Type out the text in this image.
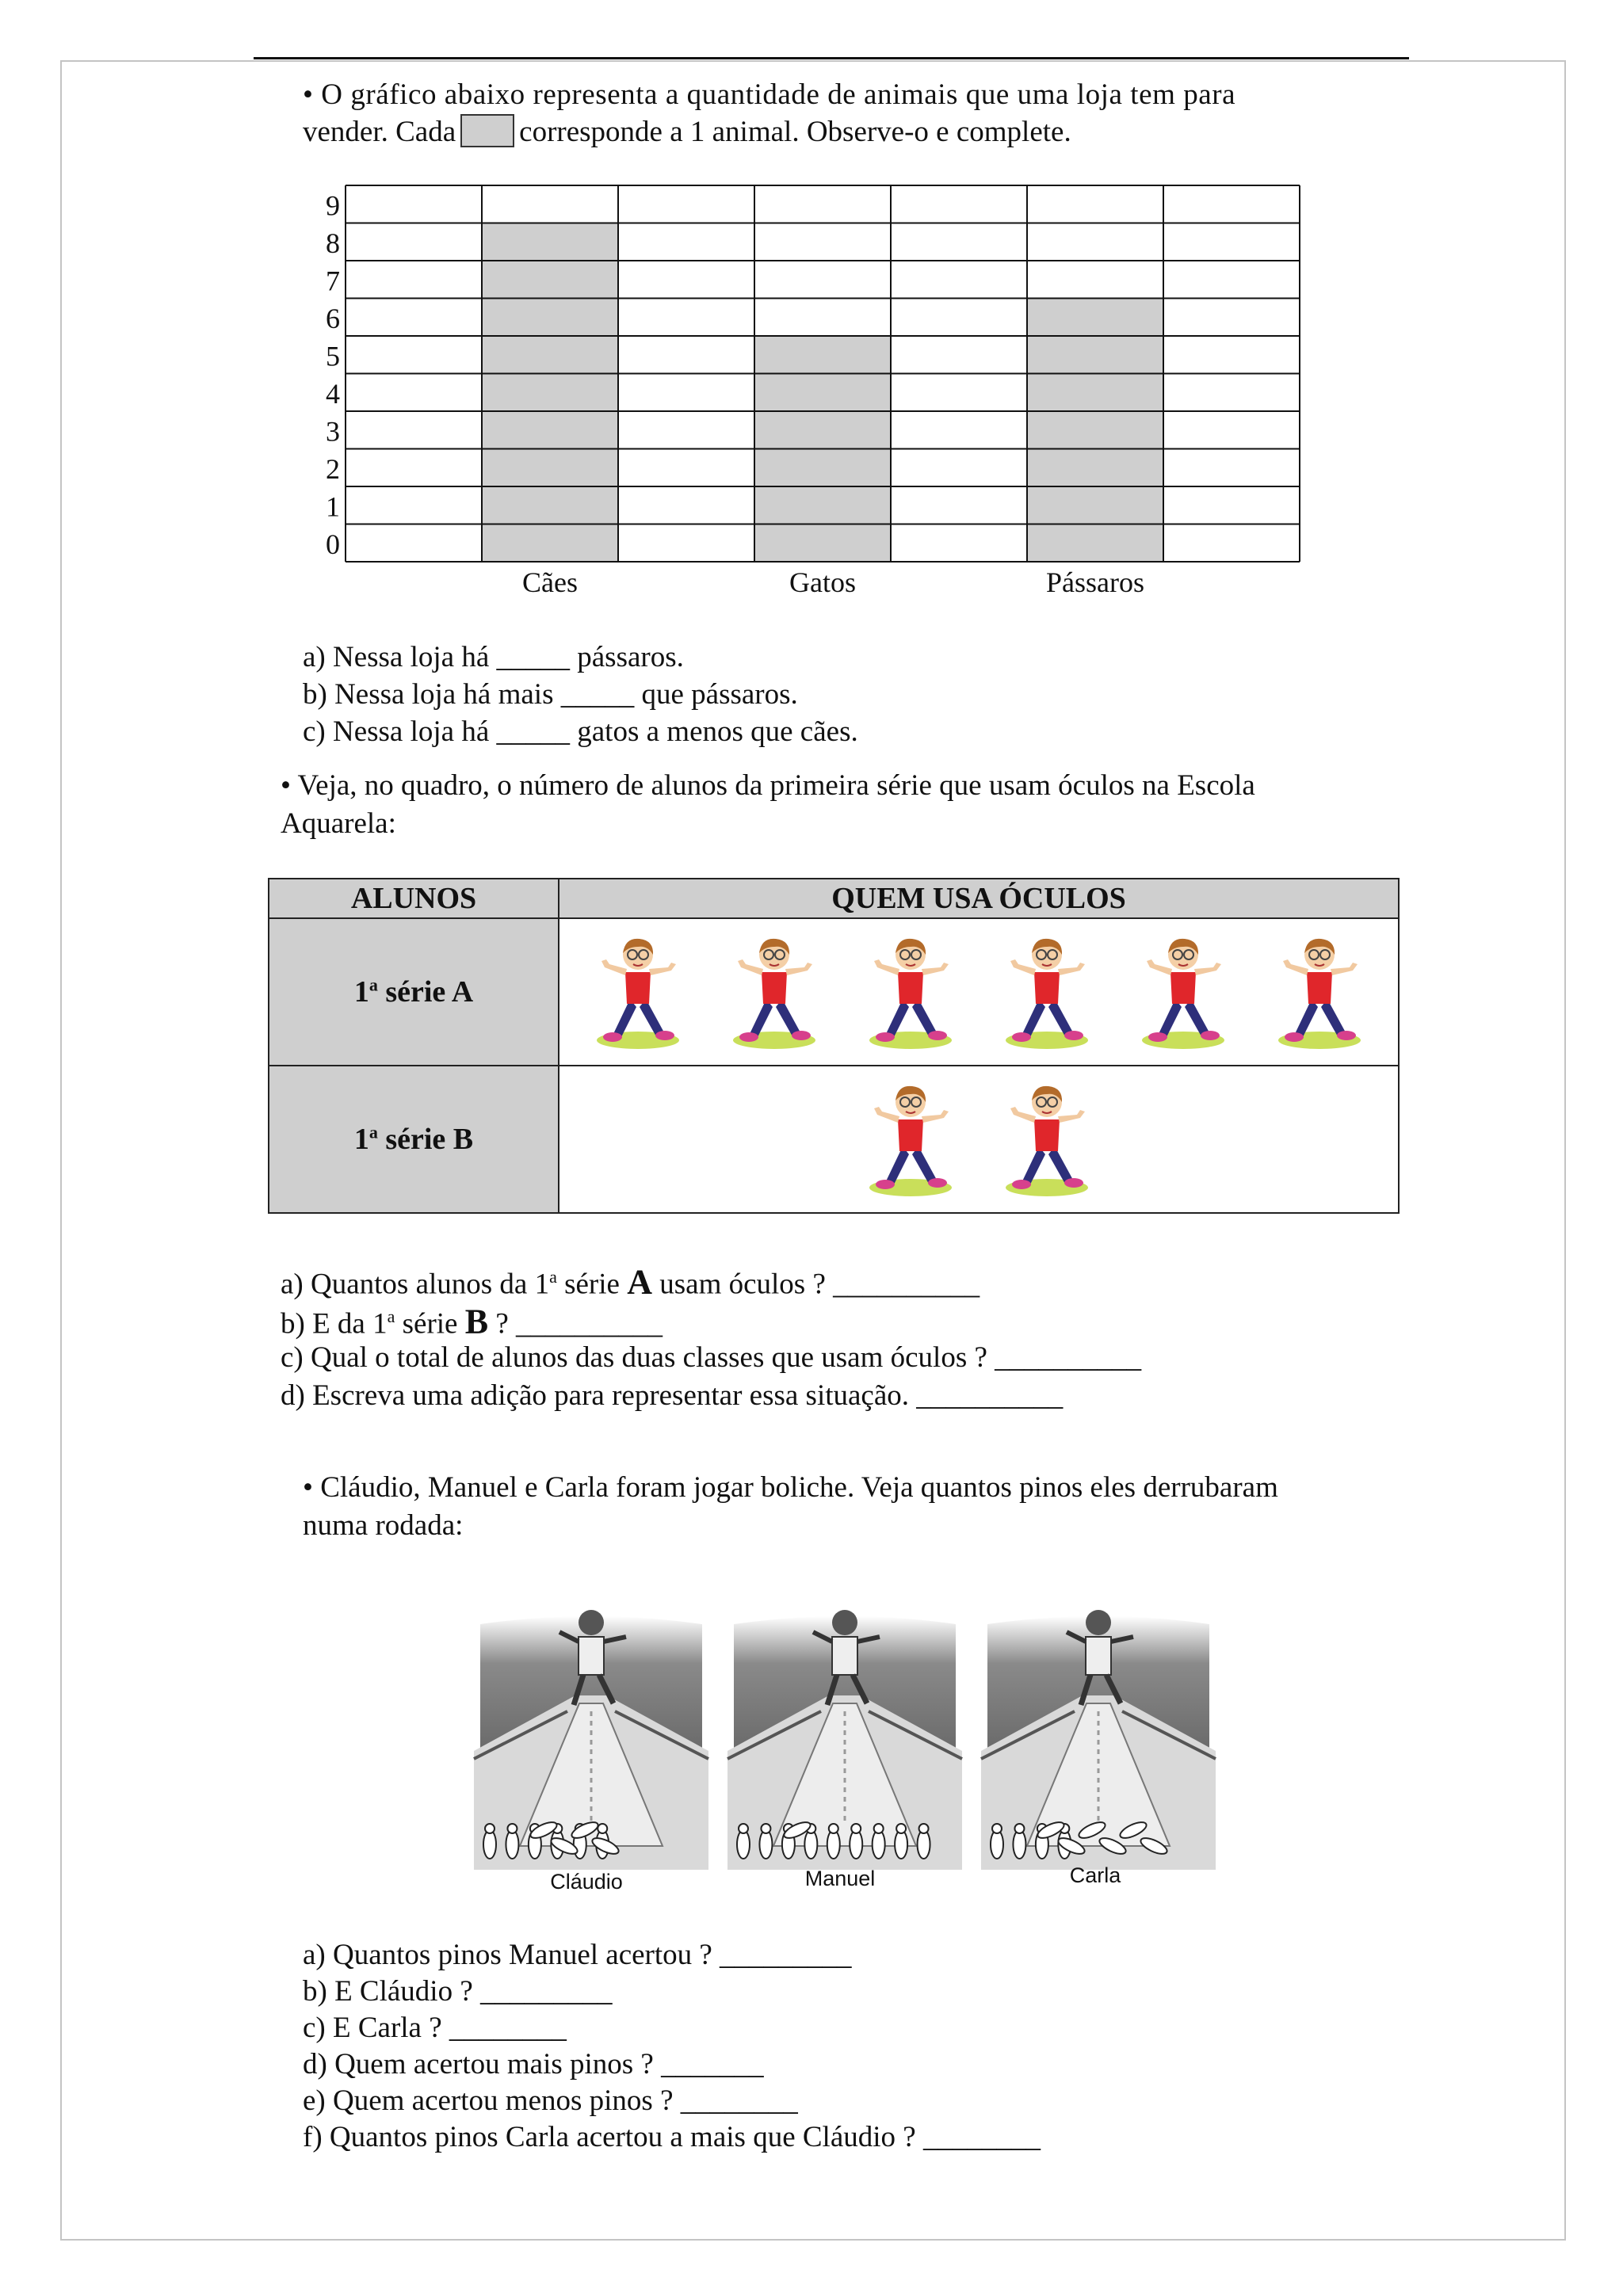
• O gráfico abaixo representa a quantidade de animais que uma loja tem para
vender. Cada corresponde a 1 animal. Observe-o e complete.
Cães	Gatos	Pássaros
0
1
2
3
4
5
6
7
8
9
a) Nessa loja há _____ pássaros.
b) Nessa loja há mais _____ que pássaros.
c) Nessa loja há _____ gatos a menos que cães.
• Veja, no quadro, o número de alunos da primeira série que usam óculos na Escola
Aquarela:
ALUNOS	QUEM USA ÓCULOS
1$^a$ série A	
1$^a$ série B	
a) Quantos alunos da 1$^a$ série A usam óculos ? __________
b) E da 1$^a$ série B ? __________
c) Qual o total de alunos das duas classes que usam óculos ? __________
d) Escreva uma adição para representar essa situação. __________
• Cláudio, Manuel e Carla foram jogar boliche. Veja quantos pinos eles derrubaram
numa rodada:
Cláudio	Manuel	Carla
a) Quantos pinos Manuel acertou ? _________
b) E Cláudio ? _________
c) E Carla ? ________
d) Quem acertou mais pinos ? _______
e) Quem acertou menos pinos ? ________
f) Quantos pinos Carla acertou a mais que Cláudio ? ________
